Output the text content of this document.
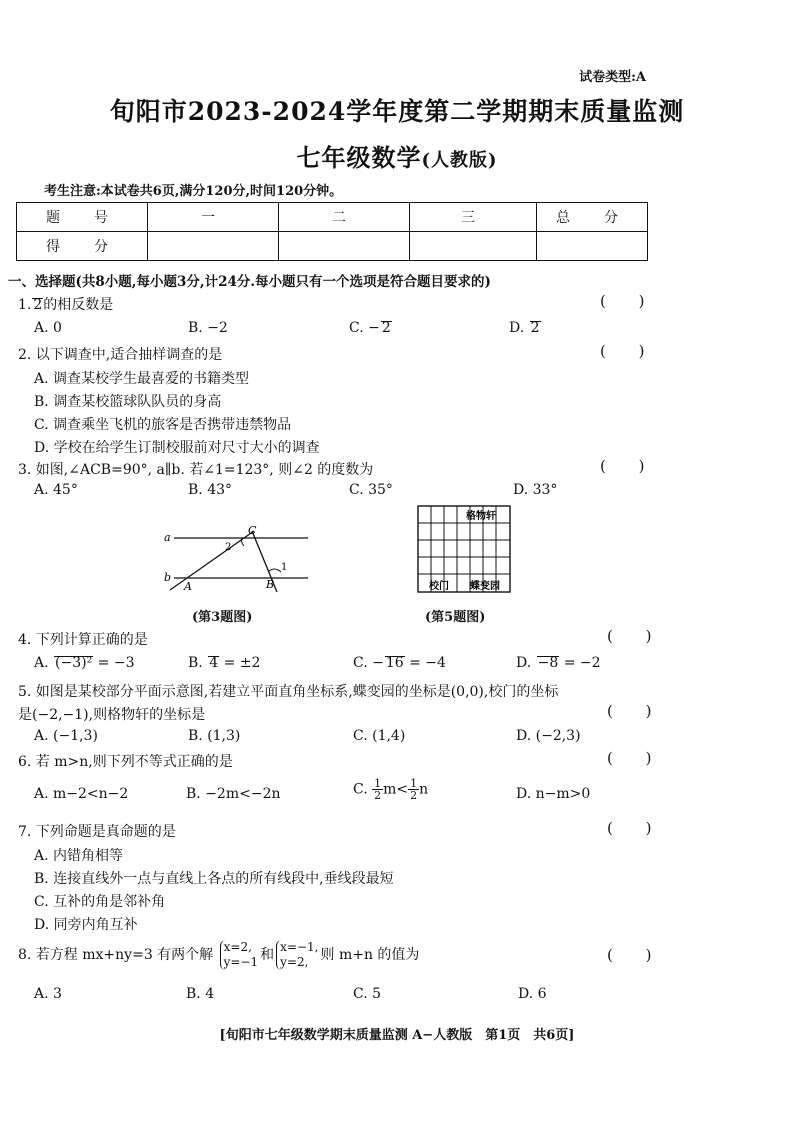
试卷类型:A
旬阳市2023-2024学年度第二学期期末质量监测
七年级数学(人教版)
考生注意:本试卷共6页,满分120分,时间120分钟。
题　号	一	二	三	总　分
得　分				
一、选择题(共8小题,每小题3分,计24分.每小题只有一个选项是符合题目要求的)
1. 2的相反数是	( )
A. 0	B. −2	C. − 2	D. 2
2. 以下调查中,适合抽样调查的是	( )
A. 调查某校学生最喜爱的书籍类型
B. 调查某校篮球队队员的身高
C. 调查乘坐飞机的旅客是否携带违禁物品
D. 学校在给学生订制校服前对尺寸大小的调查
3. 如图,∠ACB=90°, a∥b. 若∠1=123°, 则∠2 的度数为	( )
A. 45°	B. 43°	C. 35°	D. 33°
a
b
A	B
C
1
2
(第3题图)
格物轩
校门 蝶变园
(第5题图)
4. 下列计算正确的是	( )
A. (−3)² = −3	B. 4 = ±2	C. − 16 = −4	D. −8 = −2
5. 如图是某校部分平面示意图,若建立平面直角坐标系,蝶变园的坐标是(0,0),校门的坐标
是(−2,−1),则格物轩的坐标是	( )
A. (−1,3)	B. (1,3)	C. (1,4)	D. (−2,3)
6. 若 m>n,则下列不等式正确的是	( )
A. m−2<n−2	B. −2m<−2n	C. $\frac{1}{2} m< \frac{1}{2}$ n	D. n−m>0
7. 下列命题是真命题的是	( )
A. 内错角相等
B. 连接直线外一点与直线上各点的所有线段中,垂线段最短
C. 互补的角是邻补角
D. 同旁内角互补
8. 若方程 mx+ny=3 有两个解 x=2,
y=−1 和 x=−1,
y=2, 则 m+n 的值为	( )
A. 3	B. 4	C. 5	D. 6
[旬阳市七年级数学期末质量监测 A−人教版　第1页　共6页]
